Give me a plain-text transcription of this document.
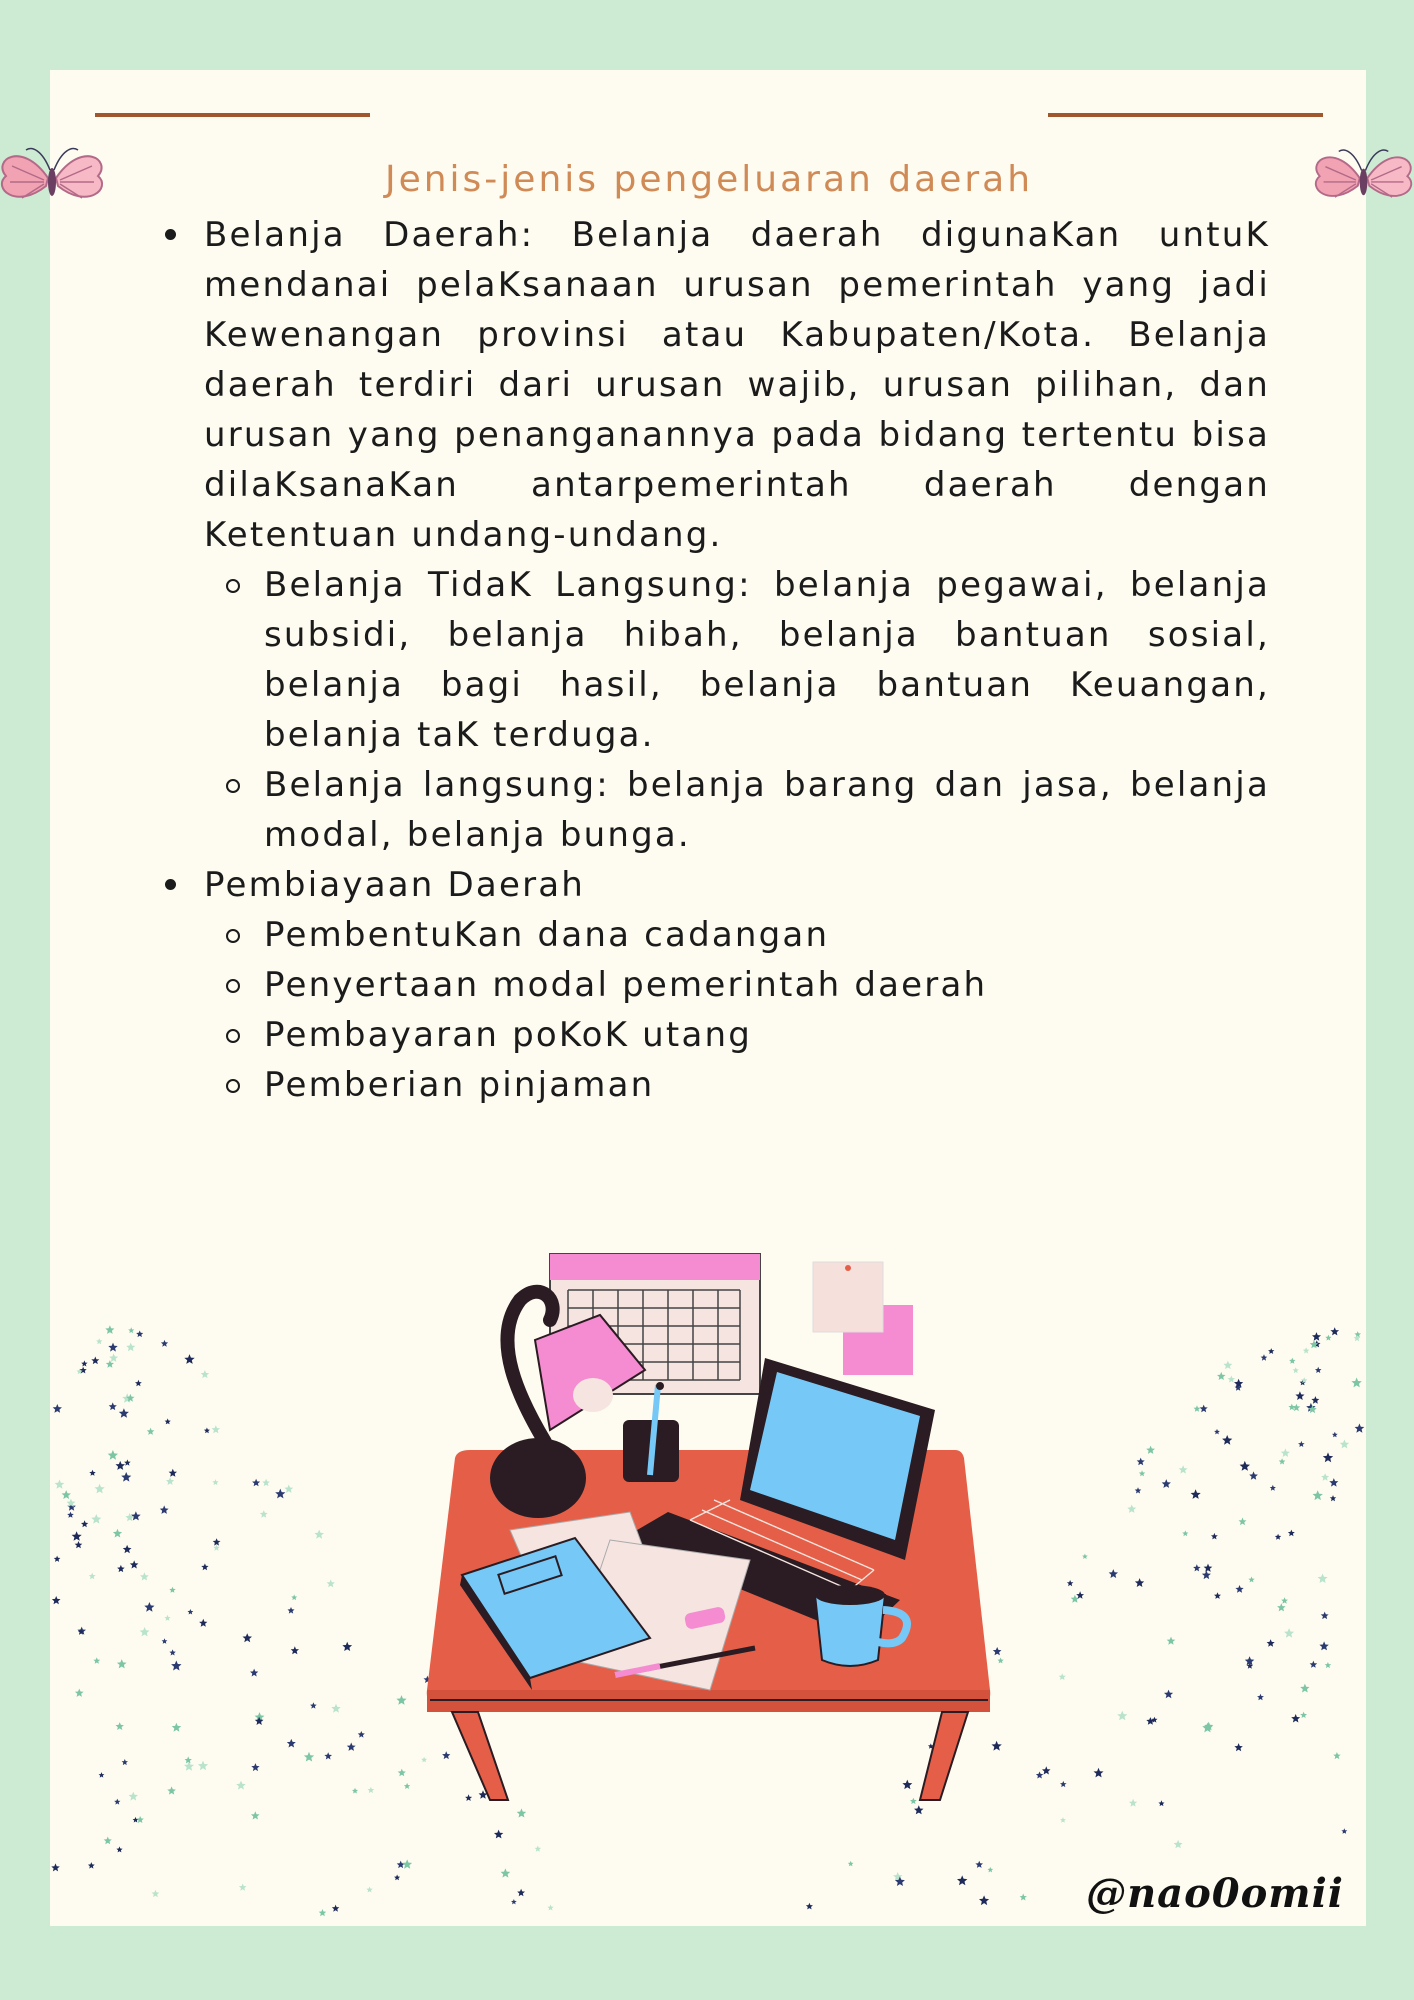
Jenis-jenis pengeluaran daerah
Belanja Daerah: Belanja daerah digunaKan untuK mendanai pelaKsanaan urusan pemerintah yang jadi Kewenangan provinsi atau Kabupaten/Kota. Belanja daerah terdiri dari urusan wajib, urusan pilihan, dan urusan yang penanganannya pada bidang tertentu bisa dilaKsanaKan antarpemerintah daerah dengan Ketentuan undang-undang.
Belanja TidaK Langsung: belanja pegawai, belanja subsidi, belanja hibah, belanja bantuan sosial, belanja bagi hasil, belanja bantuan Keuangan, belanja taK terduga.
Belanja langsung: belanja barang dan jasa, belanja modal, belanja bunga.
Pembiayaan Daerah
PembentuKan dana cadangan
Penyertaan modal pemerintah daerah
Pembayaran poKoK utang
Pemberian pinjaman
@nao0omii
